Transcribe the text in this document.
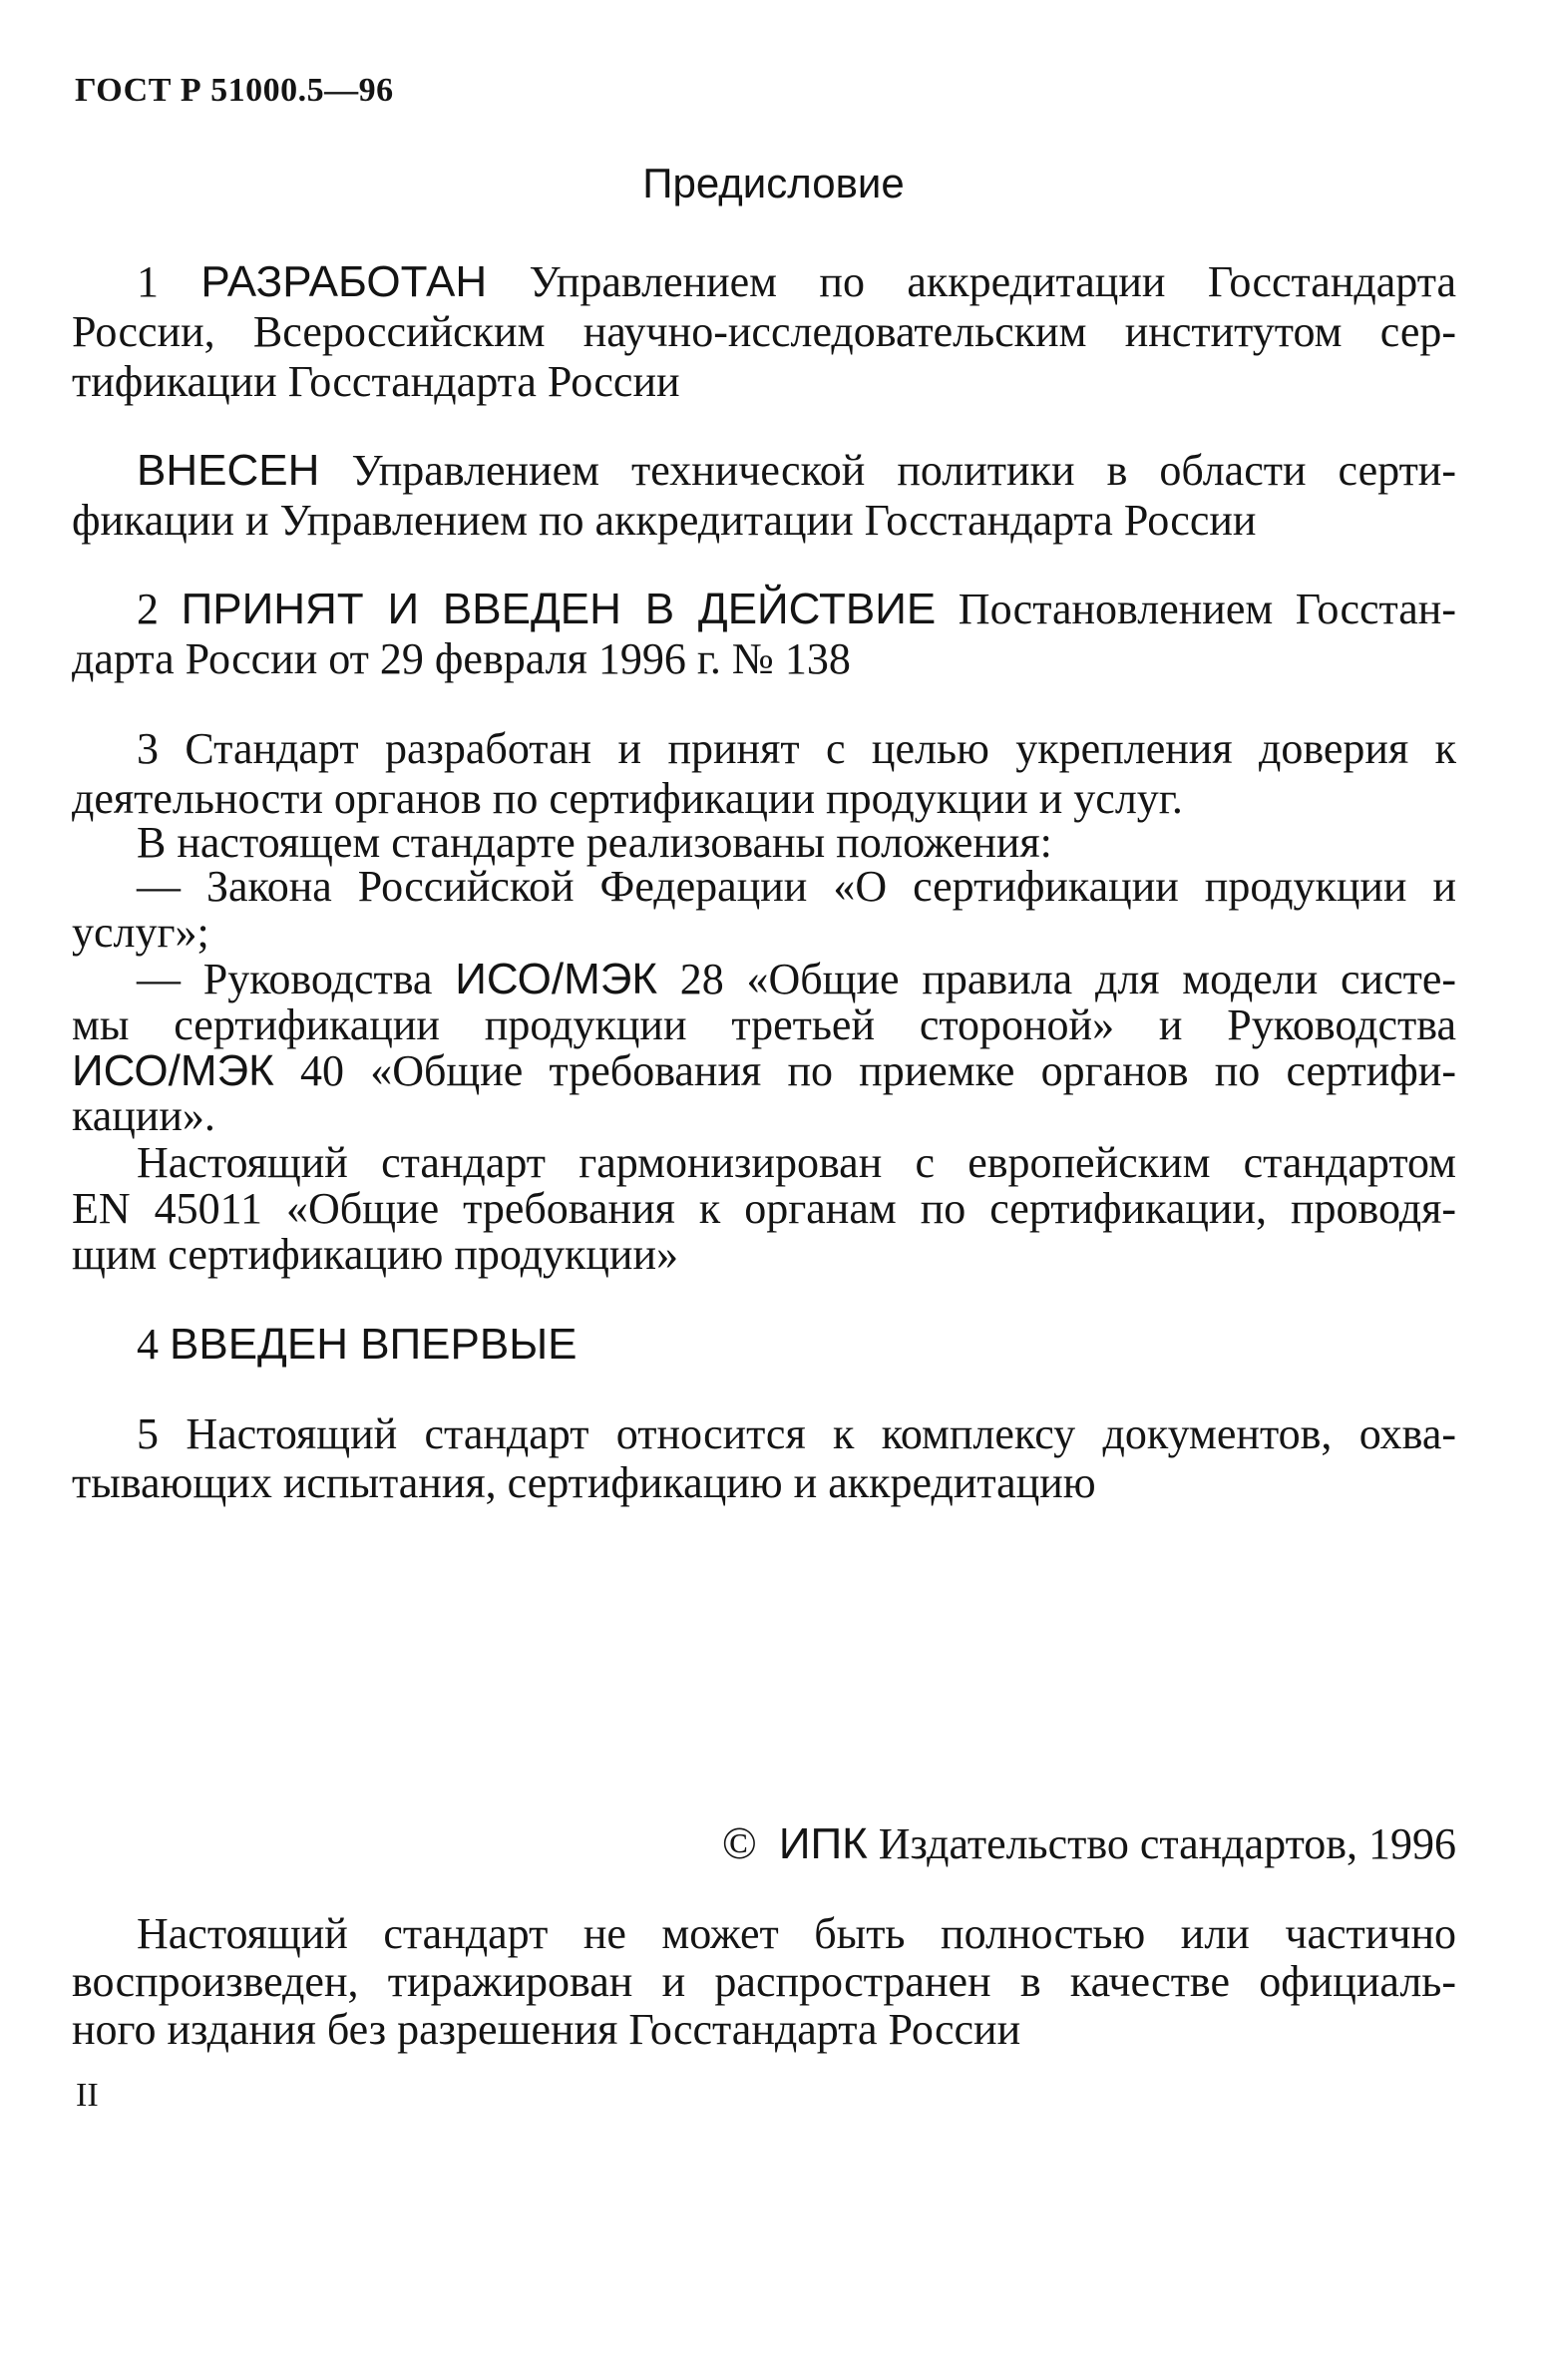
ГОСТ Р 51000.5—96
Предисловие
1 РАЗРАБОТАН Управлением по аккредитации Госстандарта
России, Всероссийским научно-исследовательским институтом сер-
тификации Госстандарта России
ВНЕСЕН Управлением технической политики в области серти-
фикации и Управлением по аккредитации Госстандарта России
2 ПРИНЯТ И ВВЕДЕН В ДЕЙСТВИЕ Постановлением Госстан-
дарта России от 29 февраля 1996 г. № 138
3 Стандарт разработан и принят с целью укрепления доверия к
деятельности органов по сертификации продукции и услуг.
В настоящем стандарте реализованы положения:
— Закона Российской Федерации «О сертификации продукции и
услуг»;
— Руководства ИСО/МЭК 28 «Общие правила для модели систе-
мы сертификации продукции третьей стороной» и Руководства
ИСО/МЭК 40 «Общие требования по приемке органов по сертифи-
кации».
Настоящий стандарт гармонизирован с европейским стандартом
EN 45011 «Общие требования к органам по сертификации, проводя-
щим сертификацию продукции»
4 ВВЕДЕН ВПЕРВЫЕ
5 Настоящий стандарт относится к комплексу документов, охва-
тывающих испытания, сертификацию и аккредитацию
© ИПК Издательство стандартов, 1996
Настоящий стандарт не может быть полностью или частично
воспроизведен, тиражирован и распространен в качестве официаль-
ного издания без разрешения Госстандарта России
II
